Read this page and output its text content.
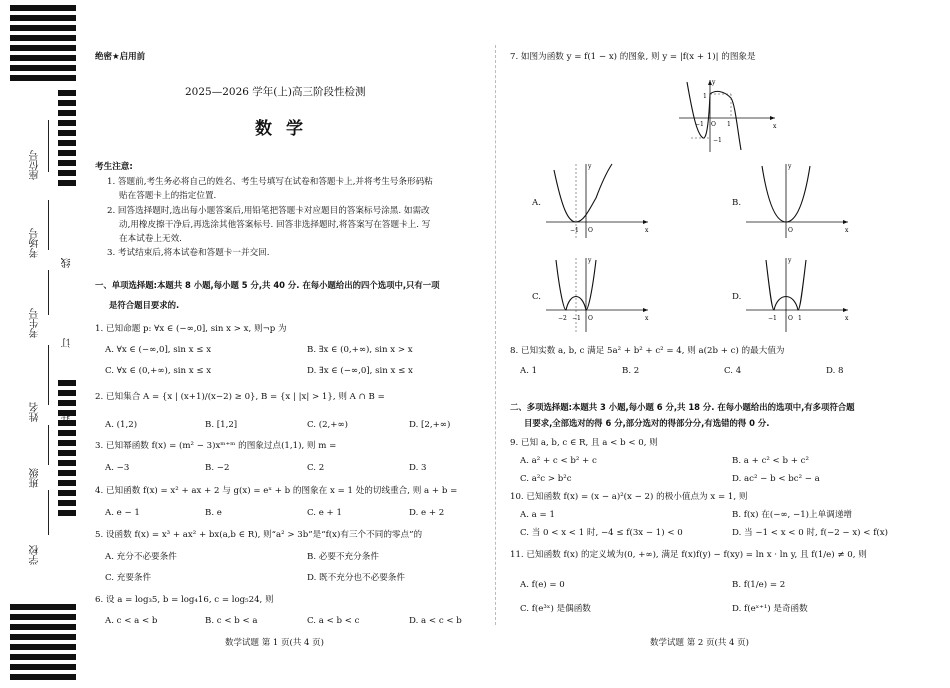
座位号
考场号
考生号
姓名
班级
学校
线
订
装
绝密★启用前
2025—2026 学年(上)高三阶段性检测
数学
考生注意:
1. 答题前,考生务必将自己的姓名、考生号填写在试卷和答题卡上,并将考生号条形码粘
贴在答题卡上的指定位置.
2. 回答选择题时,选出每小题答案后,用铅笔把答题卡对应题目的答案标号涂黑. 如需改
动,用橡皮擦干净后,再选涂其他答案标号. 回答非选择题时,将答案写在答题卡上. 写
在本试卷上无效.
3. 考试结束后,将本试卷和答题卡一并交回.
一、单项选择题:本题共 8 小题,每小题 5 分,共 40 分. 在每小题给出的四个选项中,只有一项
是符合题目要求的.
1. 已知命题 p: ∀x ∈ (−∞,0], sin x > x, 则¬p 为
A. ∀x ∈ (−∞,0], sin x ≤ x	B. ∃x ∈ (0,+∞), sin x > x
C. ∀x ∈ (0,+∞), sin x ≤ x	D. ∃x ∈ (−∞,0], sin x ≤ x
2. 已知集合 A = {x | (x+1)/(x−2) ≥ 0}, B = {x | |x| > 1}, 则 A ∩ B =
A. (1,2)	B. [1,2]	C. (2,+∞)	D. [2,+∞)
3. 已知幂函数 f(x) = (m² − 3)xᵐ⁺ᵐ 的图象过点(1,1), 则 m =
A. −3	B. −2	C. 2	D. 3
4. 已知函数 f(x) = x² + ax + 2 与 g(x) = eˣ + b 的图象在 x = 1 处的切线重合, 则 a + b =
A. e − 1	B. e	C. e + 1	D. e + 2
5. 设函数 f(x) = x³ + ax² + bx(a,b ∈ R), 则“a² > 3b”是“f(x)有三个不同的零点”的
A. 充分不必要条件	B. 必要不充分条件
C. 充要条件	D. 既不充分也不必要条件
6. 设 a = log₃5, b = log₄16, c = log₅24, 则
A. c < a < b	B. c < b < a	C. a < b < c	D. a < c < b
数学试题 第 1 页(共 4 页)
7. 如图为函数 y = f(1 − x) 的图象, 则 y = |f(x + 1)| 的图象是
y
x
O
1
−1	1
−1
A.
O
−1	x
y
B.
O	x
y
C.
−2 −1 O	x
y
D.
−1 O 1	x
y
8. 已知实数 a, b, c 满足 5a² + b² + c² = 4, 则 a(2b + c) 的最大值为
A. 1	B. 2	C. 4	D. 8
二、多项选择题:本题共 3 小题,每小题 6 分,共 18 分. 在每小题给出的选项中,有多项符合题
目要求,全部选对的得 6 分,部分选对的得部分分,有选错的得 0 分.
9. 已知 a, b, c ∈ R, 且 a < b < 0, 则
A. a² + c < b² + c	B. a + c² < b + c²
C. a²c > b²c	D. ac² − b < bc² − a
10. 已知函数 f(x) = (x − a)²(x − 2) 的极小值点为 x = 1, 则
A. a = 1	B. f(x) 在(−∞, −1)上单调递增
C. 当 0 < x < 1 时, −4 ≤ f(3x − 1) < 0	D. 当 −1 < x < 0 时, f(−2 − x) < f(x)
11. 已知函数 f(x) 的定义域为(0, +∞), 满足 f(x)f(y) − f(xy) = ln x · ln y, 且 f(1/e) ≠ 0, 则
A. f(e) = 0	B. f(1/e) = 2
C. f(e³ˣ) 是偶函数	D. f(eˣ⁺¹) 是奇函数
数学试题 第 2 页(共 4 页)
